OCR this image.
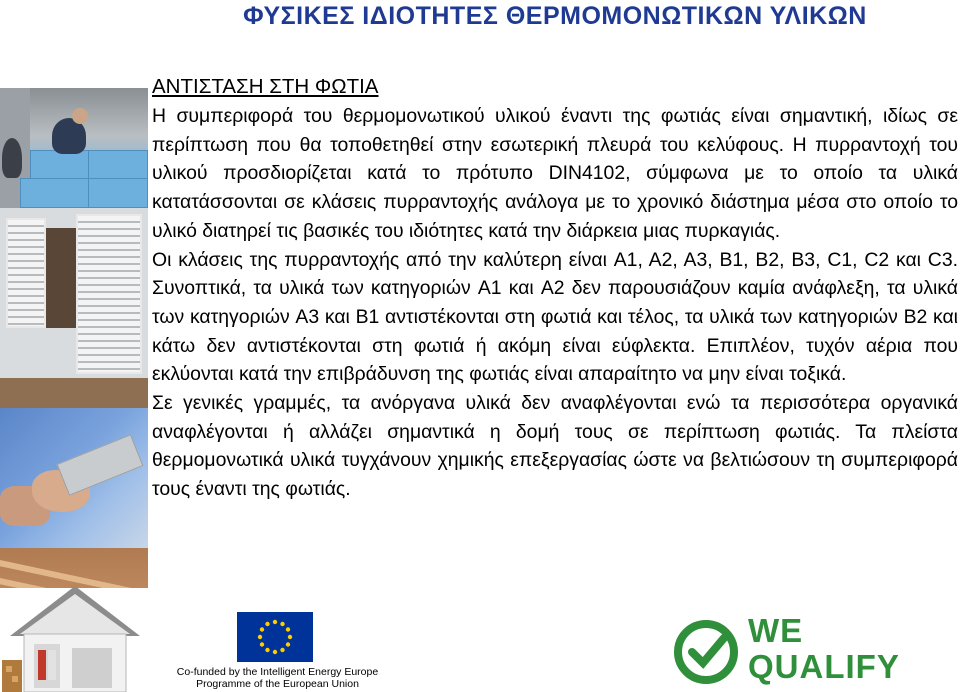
ΦΥΣΙΚΕΣ ΙΔΙΟΤΗΤΕΣ ΘΕΡΜΟΜΟΝΩΤΙΚΩΝ ΥΛΙΚΩΝ
ΑΝΤΙΣΤΑΣΗ ΣΤΗ ΦΩΤΙΑ
Η συμπεριφορά του θερμομονωτικού υλικού έναντι της φωτιάς είναι σημαντική, ιδίως σε περίπτωση που θα τοποθετηθεί στην εσωτερική πλευρά του κελύφους. Η πυρραντοχή του υλικού προσδιορίζεται κατά το πρότυπο DIN4102, σύμφωνα με το οποίο τα υλικά κατατάσσονται σε κλάσεις πυρραντοχής ανάλογα με το χρονικό διάστημα μέσα στο οποίο το υλικό διατηρεί τις βασικές του ιδιότητες κατά την διάρκεια μιας πυρκαγιάς.
Οι κλάσεις της πυρραντοχής από την καλύτερη είναι A1, A2, A3, B1, B2, B3, C1, C2 και C3. Συνοπτικά, τα υλικά των κατηγοριών A1 και A2 δεν παρουσιάζουν καμία ανάφλεξη, τα υλικά των κατηγοριών A3 και B1 αντιστέκονται στη φωτιά και τέλος, τα υλικά των κατηγοριών B2 και κάτω δεν αντιστέκονται στη φωτιά ή ακόμη είναι εύφλεκτα. Επιπλέον, τυχόν αέρια που εκλύονται κατά την επιβράδυνση της φωτιάς είναι απαραίτητο να μην είναι τοξικά.
Σε γενικές γραμμές, τα ανόργανα υλικά δεν αναφλέγονται ενώ τα περισσότερα οργανικά αναφλέγονται ή αλλάζει σημαντικά η δομή τους σε περίπτωση φωτιάς. Τα πλείστα θερμομονωτικά υλικά τυγχάνουν χημικής επεξεργασίας ώστε να βελτιώσουν τη συμπεριφορά τους έναντι της φωτιάς.
Co-funded by the Intelligent Energy Europe
Programme of the European Union
WE
QUALIFY
